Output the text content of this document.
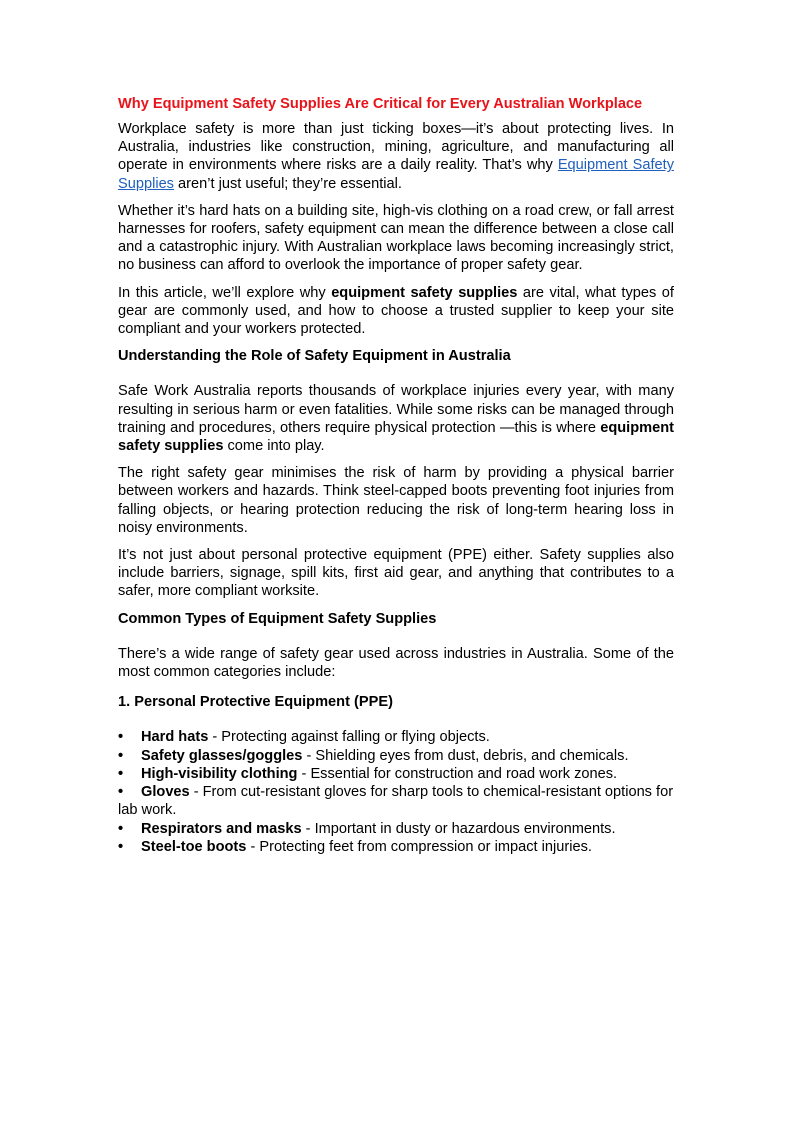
Why Equipment Safety Supplies Are Critical for Every Australian Workplace

Workplace safety is more than just ticking boxes—it’s about protecting lives. In Australia, industries like construction, mining, agriculture, and manufacturing all operate in environments where risks are a daily reality. That’s why Equipment Safety Supplies aren’t just useful; they’re essential.

Whether it’s hard hats on a building site, high-vis clothing on a road crew, or fall arrest harnesses for roofers, safety equipment can mean the difference between a close call and a catastrophic injury. With Australian workplace laws becoming increasingly strict, no business can afford to overlook the importance of proper safety gear.

In this article, we’ll explore why equipment safety supplies are vital, what types of gear are commonly used, and how to choose a trusted supplier to keep your site compliant and your workers protected.

Understanding the Role of Safety Equipment in Australia

Safe Work Australia reports thousands of workplace injuries every year, with many resulting in serious harm or even fatalities. While some risks can be managed through training and procedures, others require physical protection —this is where equipment safety supplies come into play.

The right safety gear minimises the risk of harm by providing a physical barrier between workers and hazards. Think steel-capped boots preventing foot injuries from falling objects, or hearing protection reducing the risk of long-term hearing loss in noisy environments.

It’s not just about personal protective equipment (PPE) either. Safety supplies also include barriers, signage, spill kits, first aid gear, and anything that contributes to a safer, more compliant worksite.

Common Types of Equipment Safety Supplies

There’s a wide range of safety gear used across industries in Australia. Some of the most common categories include:

1. Personal Protective Equipment (PPE)
• Hard hats - Protecting against falling or flying objects.
• Safety glasses/goggles - Shielding eyes from dust, debris, and chemicals.
• High-visibility clothing - Essential for construction and road work zones.
• Gloves - From cut-resistant gloves for sharp tools to chemical-resistant options for lab work.
• Respirators and masks - Important in dusty or hazardous environments.
• Steel-toe boots - Protecting feet from compression or impact injuries.
